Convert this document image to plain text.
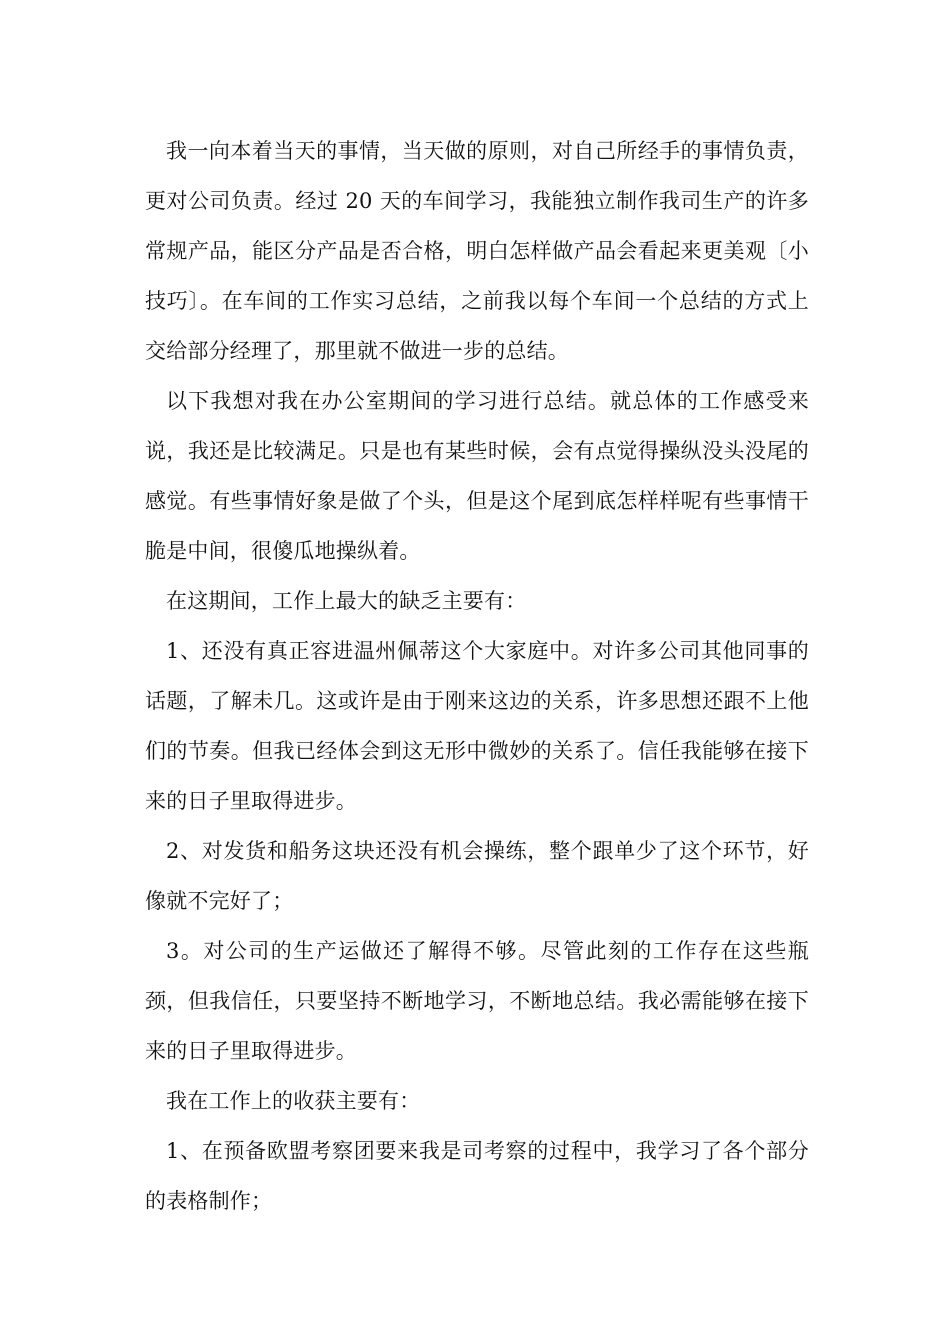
我一向本着当天的事情，当天做的原则，对自己所经手的事情负责，更对公司负责。经过 20 天的车间学习，我能独立制作我司生产的许多常规产品，能区分产品是否合格，明白怎样做产品会看起来更美观〔小技巧〕。在车间的工作实习总结，之前我以每个车间一个总结的方式上交给部分经理了，那里就不做进一步的总结。

以下我想对我在办公室期间的学习进行总结。就总体的工作感受来说，我还是比较满足。只是也有某些时候，会有点觉得操纵没头没尾的感觉。有些事情好象是做了个头，但是这个尾到底怎样样呢有些事情干脆是中间，很傻瓜地操纵着。

在这期间，工作上最大的缺乏主要有：

1、还没有真正容进温州佩蒂这个大家庭中。对许多公司其他同事的话题，了解未几。这或许是由于刚来这边的关系，许多思想还跟不上他们的节奏。但我已经体会到这无形中微妙的关系了。信任我能够在接下来的日子里取得进步。

2、对发货和船务这块还没有机会操练，整个跟单少了这个环节，好像就不完好了；

3。对公司的生产运做还了解得不够。尽管此刻的工作存在这些瓶颈，但我信任，只要坚持不断地学习，不断地总结。我必需能够在接下来的日子里取得进步。

我在工作上的收获主要有：

1、在预备欧盟考察团要来我是司考察的过程中，我学习了各个部分的表格制作；
